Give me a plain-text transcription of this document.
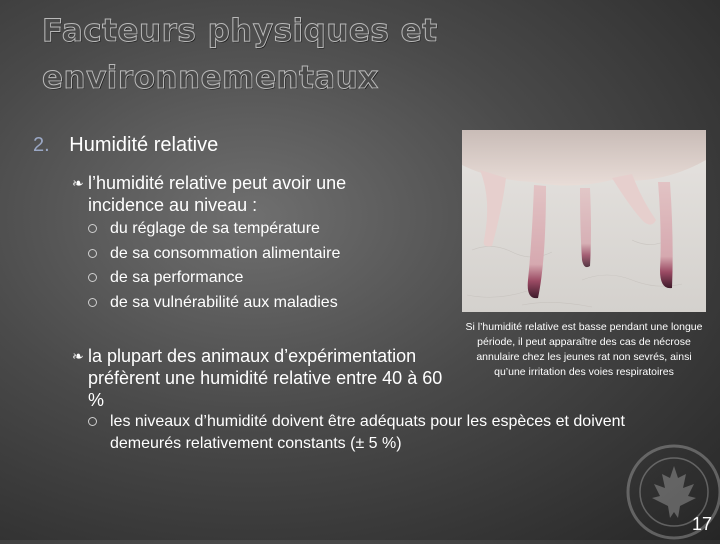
Facteurs physiques et environnementaux
2. Humidité relative
❧ l’humidité relative peut avoir une incidence au niveau :
du réglage de sa température
de sa consommation alimentaire
de sa performance
de sa vulnérabilité aux maladies
Si l’humidité relative est basse pendant une longue période, il peut apparaître des cas de nécrose annulaire chez les jeunes rat non sevrés, ainsi qu’une irritation des voies respiratoires
❧ la plupart des animaux d’expérimentation préfèrent une humidité relative entre 40 à 60 %
les niveaux d’humidité doivent être adéquats pour les espèces et doivent demeurés relativement constants (± 5 %)
17
